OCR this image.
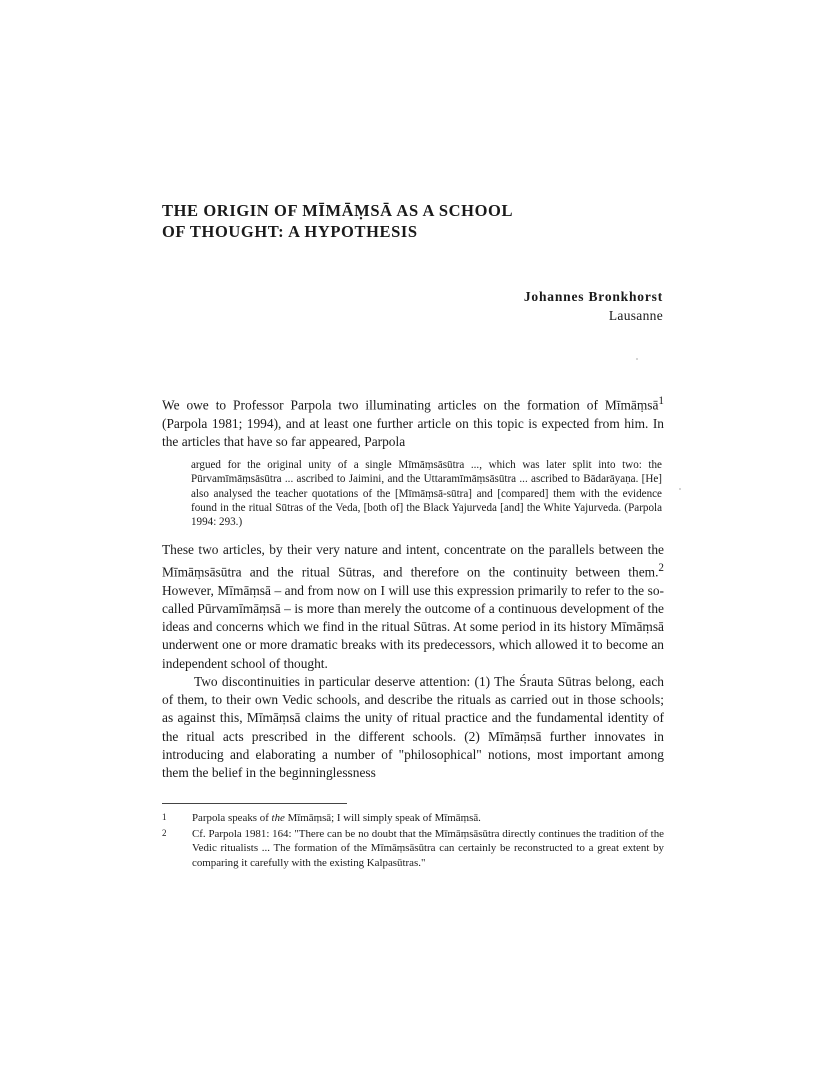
THE ORIGIN OF MĪMĀṂSĀ AS A SCHOOL
OF THOUGHT: A HYPOTHESIS
Johannes Bronkhorst
Lausanne

We owe to Professor Parpola two illuminating articles on the formation of Mīmāṃsā$^1$ (Parpola 1981; 1994), and at least one further article on this topic is expected from him. In the articles that have so far appeared, Parpola

argued for the original unity of a single Mīmāṃsāsūtra ..., which was later split into two: the Pūrvamīmāṃsāsūtra ... ascribed to Jaimini, and the Uttaramīmāṃsāsūtra ... ascribed to Bādarāyaṇa. [He] also analysed the teacher quotations of the [Mīmāṃsā-sūtra] and [compared] them with the evidence found in the ritual Sūtras of the Veda, [both of] the Black Yajurveda [and] the White Yajurveda. (Parpola 1994: 293.)

These two articles, by their very nature and intent, concentrate on the parallels between the Mīmāṃsāsūtra and the ritual Sūtras, and therefore on the continuity between them.$^2$ However, Mīmāṃsā – and from now on I will use this expression primarily to refer to the so-called Pūrvamīmāṃsā – is more than merely the outcome of a continuous development of the ideas and concerns which we find in the ritual Sūtras. At some period in its history Mīmāṃsā underwent one or more dramatic breaks with its predecessors, which allowed it to become an independent school of thought.

Two discontinuities in particular deserve attention: (1) The Śrauta Sūtras belong, each of them, to their own Vedic schools, and describe the rituals as carried out in those schools; as against this, Mīmāṃsā claims the unity of ritual practice and the fundamental identity of the ritual acts prescribed in the different schools. (2) Mīmāṃsā further innovates in introducing and elaborating a number of "philosophical" notions, most important among them the belief in the beginninglessness

1 Parpola speaks of the Mīmāṃsā; I will simply speak of Mīmāṃsā.
2 Cf. Parpola 1981: 164: "There can be no doubt that the Mīmāṃsāsūtra directly continues the tradition of the Vedic ritualists ... The formation of the Mīmāṃsāsūtra can certainly be reconstructed to a great extent by comparing it carefully with the existing Kalpasūtras."
